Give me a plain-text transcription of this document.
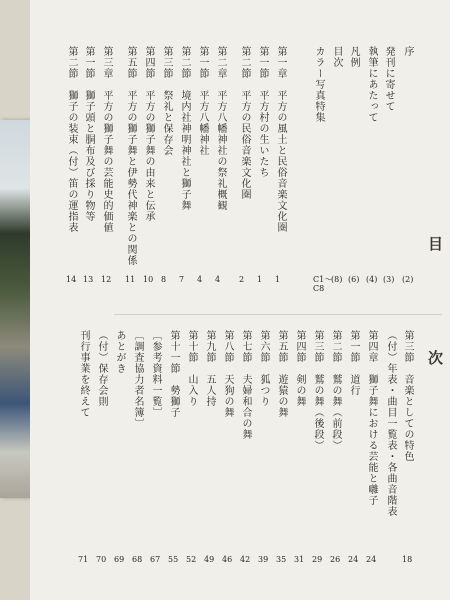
目
次
序
(2)
発刊に寄せて
(3)
執筆にあたって
(4)
凡例
(6)
目次
(8)
カラー写真特集
C1〜C8
第一章　平方の風土と民俗音楽文化圏
1
第一節　平方村の生いたち
1
第二節　平方の民俗音楽文化圏
2
第二章　平方八幡神社の祭礼概観
4
第一節　平方八幡神社
4
第二節　境内社神明神社と獅子舞
7
第三節　祭礼と保存会
8
第四節　平方の獅子舞の由来と伝承
10
第五節　平方の獅子舞と伊勢代神楽との関係
11
第三章　平方の獅子舞の芸能史的価値
12
第一節　獅子頭と胴布及び採り物等
13
第二節　獅子の装束（付）笛の運指表
14
第三節　音楽としての特色
18
（付）年表・曲目一覧表・各曲音階表
第四章　獅子舞における芸能と囃子
24
第一節　道行
24
第二節　鷲の舞（前段）
26
第三節　鷲の舞（後段）
29
第四節　剣の舞
31
第五節　遊猿の舞
35
第六節　狐つり
39
第七節　夫婦和合の舞
42
第八節　天狗の舞
46
第九節　五人持
49
第十節　山入り
52
第十一節　勢獅子
55
〔参考資料一覧〕
67
〔調査協力者名簿〕
68
あとがき
69
（付）保存会則
70
刊行事業を終えて
71
